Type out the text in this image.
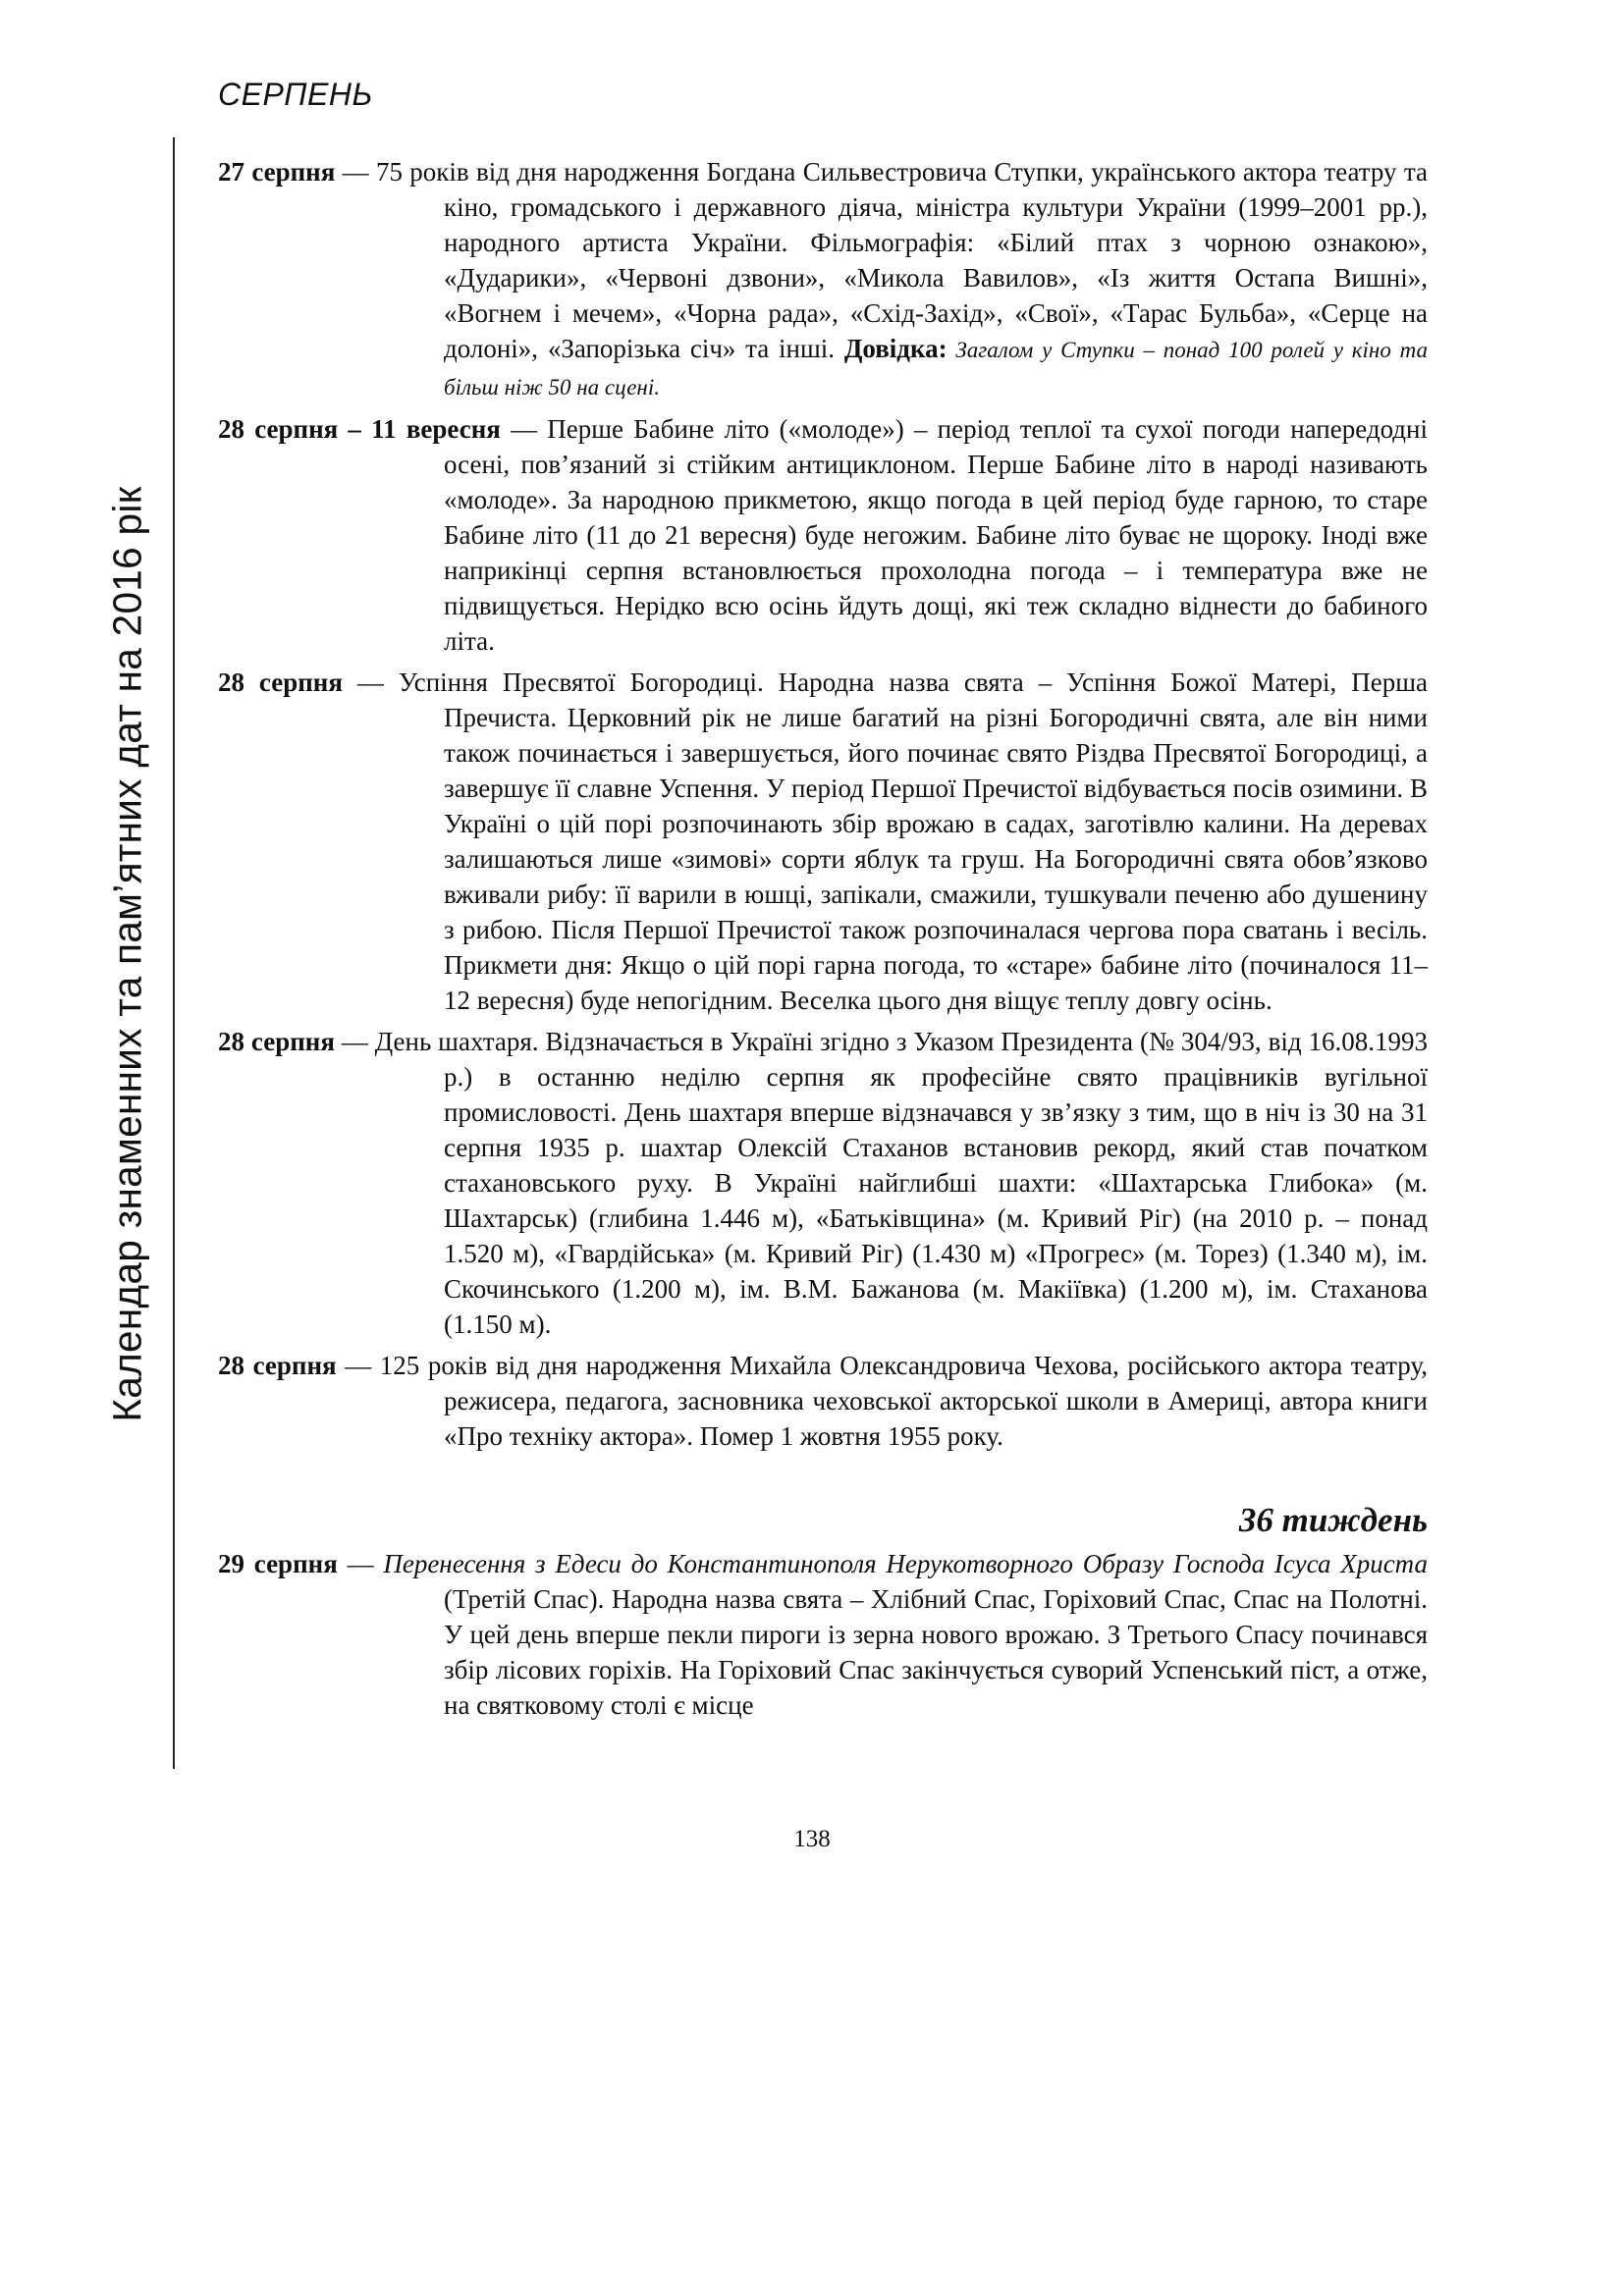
СЕРПЕНЬ
Календар знаменних та пам’ятних дат на 2016 рік

27 серпня — 75 років від дня народження Богдана Сильвестровича Ступки, українського актора театру та кіно, громадського і державного діяча, міністра культури України (1999–2001 рр.), народного артиста України. Фільмографія: «Білий птах з чорною ознакою», «Дударики», «Червоні дзвони», «Микола Вавилов», «Із життя Остапа Вишні», «Вогнем і мечем», «Чорна рада», «Схід-Захід», «Свої», «Тарас Бульба», «Серце на долоні», «Запорізька січ» та інші. Довідка: Загалом у Ступки – понад 100 ролей у кіно та більш ніж 50 на сцені.

28 серпня – 11 вересня — Перше Бабине літо («молоде») – період теплої та сухої погоди напередодні осені, пов’язаний зі стійким антициклоном. Перше Бабине літо в народі називають «молоде». За народною прикметою, якщо погода в цей період буде гарною, то старе Бабине літо (11 до 21 вересня) буде негожим. Бабине літо буває не щороку. Іноді вже наприкінці серпня встановлюється прохолодна погода – і температура вже не підвищується. Нерідко всю осінь йдуть дощі, які теж складно віднести до бабиного літа.

28 серпня — Успіння Пресвятої Богородиці. Народна назва свята – Успіння Божої Матері, Перша Пречиста. Церковний рік не лише багатий на різні Богородичні свята, але він ними також починається і завершується, його починає свято Різдва Пресвятої Богородиці, а завершує її славне Успення. У період Першої Пречистої відбувається посів озимини. В Україні о цій порі розпочинають збір врожаю в садах, заготівлю калини. На деревах залишаються лише «зимові» сорти яблук та груш. На Богородичні свята обов’язково вживали рибу: її варили в юшці, запікали, смажили, тушкували печеню або душенину з рибою. Після Першої Пречистої також розпочиналася чергова пора сватань і весіль. Прикмети дня: Якщо о цій порі гарна погода, то «старе» бабине літо (починалося 11–12 вересня) буде непогідним. Веселка цього дня віщує теплу довгу осінь.

28 серпня — День шахтаря. Відзначається в Україні згідно з Указом Президента (№ 304/93, від 16.08.1993 р.) в останню неділю серпня як професійне свято працівників вугільної промисловості. День шахтаря вперше відзначався у зв’язку з тим, що в ніч із 30 на 31 серпня 1935 р. шахтар Олексій Стаханов встановив рекорд, який став початком стахановського руху. В Україні найглибші шахти: «Шахтарська Глибока» (м. Шахтарськ) (глибина 1.446 м), «Батьківщина» (м. Кривий Ріг) (на 2010 р. – понад 1.520 м), «Гвардійська» (м. Кривий Ріг) (1.430 м) «Прогрес» (м. Торез) (1.340 м), ім. Скочинського (1.200 м), ім. В.М. Бажанова (м. Макіївка) (1.200 м), ім. Стаханова (1.150 м).

28 серпня — 125 років від дня народження Михайла Олександровича Чехова, російського актора театру, режисера, педагога, засновника чеховської акторської школи в Америці, автора книги «Про техніку актора». Помер 1 жовтня 1955 року.

36 тиждень

29 серпня — Перенесення з Едеси до Константинополя Нерукотворного Образу Господа Ісуса Христа (Третій Спас). Народна назва свята – Хлібний Спас, Горіховий Спас, Спас на Полотні. У цей день вперше пекли пироги із зерна нового врожаю. З Третього Спасу починався збір лісових горіхів. На Горіховий Спас закінчується суворий Успенський піст, а отже, на святковому столі є місце

138
